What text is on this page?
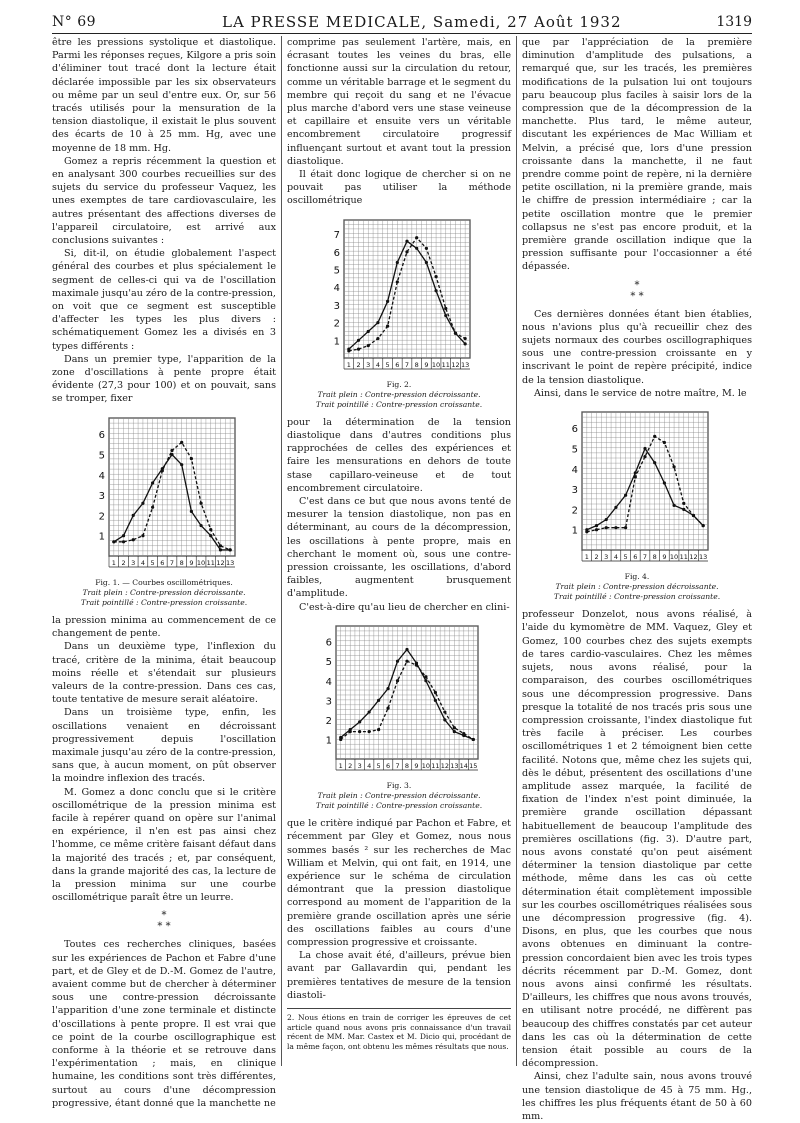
N° 69	LA PRESSE MEDICALE, Samedi, 27 Août 1932	1319

être les pressions systolique et diastolique. Parmi les réponses reçues, Kilgore a pris soin d'éliminer tout tracé dont la lecture était déclarée impossible par les six observateurs ou même par un seul d'entre eux. Or, sur 56 tracés utilisés pour la mensuration de la tension diastolique, il existait le plus souvent des écarts de 10 à 25 mm. Hg, avec une moyenne de 18 mm. Hg.

Gomez a repris récemment la question et en analysant 300 courbes recueillies sur des sujets du service du professeur Vaquez, les unes exemptes de tare cardiovasculaire, les autres présentant des affections diverses de l'appareil circulatoire, est arrivé aux conclusions suivantes :

Si, dit-il, on étudie globalement l'aspect général des courbes et plus spécialement le segment de celles-ci qui va de l'oscillation maximale jusqu'au zéro de la contre-pression, on voit que ce segment est susceptible d'affecter les types les plus divers : schématiquement Gomez les a divisés en 3 types différents :

Dans un premier type, l'apparition de la zone d'oscillations à pente propre était évidente (27,3 pour 100) et on pouvait, sans se tromper, fixer

1
2
3
4
5
6
1 2 3 4 5 6 7 8 9 10 11 12 13
Fig. 1. — Courbes oscillométriques.
Trait plein : Contre-pression décroissante.
Trait pointillé : Contre-pression croissante.

la pression minima au commencement de ce changement de pente.

Dans un deuxième type, l'inflexion du tracé, critère de la minima, était beaucoup moins réelle et s'étendait sur plusieurs valeurs de la contre-pression. Dans ces cas, toute tentative de mesure serait aléatoire.

Dans un troisième type, enfin, les oscillations venaient en décroissant progressivement depuis l'oscillation maximale jusqu'au zéro de la contre-pression, sans que, à aucun moment, on pût observer la moindre inflexion des tracés.

M. Gomez a donc conclu que si le critère oscillométrique de la pression minima est facile à repérer quand on opère sur l'animal en expérience, il n'en est pas ainsi chez l'homme, ce même critère faisant défaut dans la majorité des tracés ; et, par conséquent, dans la grande majorité des cas, la lecture de la pression minima sur une courbe oscillométrique paraît être un leurre.

*
* *

Toutes ces recherches cliniques, basées sur les expériences de Pachon et Fabre d'une part, et de Gley et de D.-M. Gomez de l'autre, avaient comme but de chercher à déterminer sous une contre-pression décroissante l'apparition d'une zone terminale et distincte d'oscillations à pente propre. Il est vrai que ce point de la courbe oscillographique est conforme à la théorie et se retrouve dans l'expérimentation ; mais, en clinique humaine, les conditions sont très différentes, surtout au cours d'une décompression progressive, étant donné que la manchette ne

comprime pas seulement l'artère, mais, en écrasant toutes les veines du bras, elle fonctionne aussi sur la circulation du retour, comme un véritable barrage et le segment du membre qui reçoit du sang et ne l'évacue plus marche d'abord vers une stase veineuse et capillaire et ensuite vers un véritable encombrement circulatoire progressif influençant surtout et avant tout la pression diastolique.

Il était donc logique de chercher si on ne pouvait pas utiliser la méthode oscillométrique

1
2
3
4
5
6
7
1 2 3 4 5 6 7 8 9 10 11 12 13
Fig. 2.
Trait plein : Contre-pression décroissante.
Trait pointillé : Contre-pression croissante.

pour la détermination de la tension diastolique dans d'autres conditions plus rapprochées de celles des expériences et faire les mensurations en dehors de toute stase capillaro-veineuse et de tout encombrement circulatoire.

C'est dans ce but que nous avons tenté de mesurer la tension diastolique, non pas en déterminant, au cours de la décompression, les oscillations à pente propre, mais en cherchant le moment où, sous une contre-pression croissante, les oscillations, d'abord faibles, augmentent brusquement d'amplitude.

C'est-à-dire qu'au lieu de chercher en clini-

1
2
3
4
5
6
1 2 3 4 5 6 7 8 9 10 11 12 13 14 15
Fig. 3.
Trait plein : Contre-pression décroissante.
Trait pointillé : Contre-pression croissante.

que le critère indiqué par Pachon et Fabre, et récemment par Gley et Gomez, nous nous sommes basés ² sur les recherches de Mac William et Melvin, qui ont fait, en 1914, une expérience sur le schéma de circulation démontrant que la pression diastolique correspond au moment de l'apparition de la première grande oscillation après une série des oscillations faibles au cours d'une compression progressive et croissante.

La chose avait été, d'ailleurs, prévue bien avant par Gallavardin qui, pendant les premières tentatives de mesure de la tension diastoli-

2. Nous étions en train de corriger les épreuves de cet article quand nous avons pris connaissance d'un travail récent de MM. Mar. Castex et M. Dicio qui, procédant de la même façon, ont obtenu les mêmes résultats que nous.

que par l'appréciation de la première diminution d'amplitude des pulsations, a remarqué que, sur les tracés, les premières modifications de la pulsation lui ont toujours paru beaucoup plus faciles à saisir lors de la compression que de la décompression de la manchette. Plus tard, le même auteur, discutant les expériences de Mac William et Melvin, a précisé que, lors d'une pression croissante dans la manchette, il ne faut prendre comme point de repère, ni la dernière petite oscillation, ni la première grande, mais le chiffre de pression intermédiaire ; car la petite oscillation montre que le premier collapsus ne s'est pas encore produit, et la première grande oscillation indique que la pression suffisante pour l'occasionner a été dépassée.

*
* *

Ces dernières données étant bien établies, nous n'avions plus qu'à recueillir chez des sujets normaux des courbes oscillographiques sous une contre-pression croissante en y inscrivant le point de repère précipité, indice de la tension diastolique.

Ainsi, dans le service de notre maître, M. le

1
2
3
4
5
6
1 2 3 4 5 6 7 8 9 10 11 12 13
Fig. 4.
Trait plein : Contre-pression décroissante.
Trait pointillé : Contre-pression croissante.

professeur Donzelot, nous avons réalisé, à l'aide du kymomètre de MM. Vaquez, Gley et Gomez, 100 courbes chez des sujets exempts de tares cardio-vasculaires. Chez les mêmes sujets, nous avons réalisé, pour la comparaison, des courbes oscillométriques sous une décompression progressive. Dans presque la totalité de nos tracés pris sous une compression croissante, l'index diastolique fut très facile à préciser. Les courbes oscillométriques 1 et 2 témoignent bien cette facilité. Notons que, même chez les sujets qui, dès le début, présentent des oscillations d'une amplitude assez marquée, la facilité de fixation de l'index n'est point diminuée, la première grande oscillation dépassant habituellement de beaucoup l'amplitude des premières oscillations (fig. 3). D'autre part, nous avons constaté qu'on peut aisément déterminer la tension diastolique par cette méthode, même dans les cas où cette détermination était complètement impossible sur les courbes oscillométriques réalisées sous une décompression progressive (fig. 4). Disons, en plus, que les courbes que nous avons obtenues en diminuant la contre-pression concordaient bien avec les trois types décrits récemment par D.-M. Gomez, dont nous avons ainsi confirmé les résultats. D'ailleurs, les chiffres que nous avons trouvés, en utilisant notre procédé, ne diffèrent pas beaucoup des chiffres constatés par cet auteur dans les cas où la détermination de cette tension était possible au cours de la décompression.

Ainsi, chez l'adulte sain, nous avons trouvé une tension diastolique de 45 à 75 mm. Hg., les chiffres les plus fréquents étant de 50 à 60 mm.
